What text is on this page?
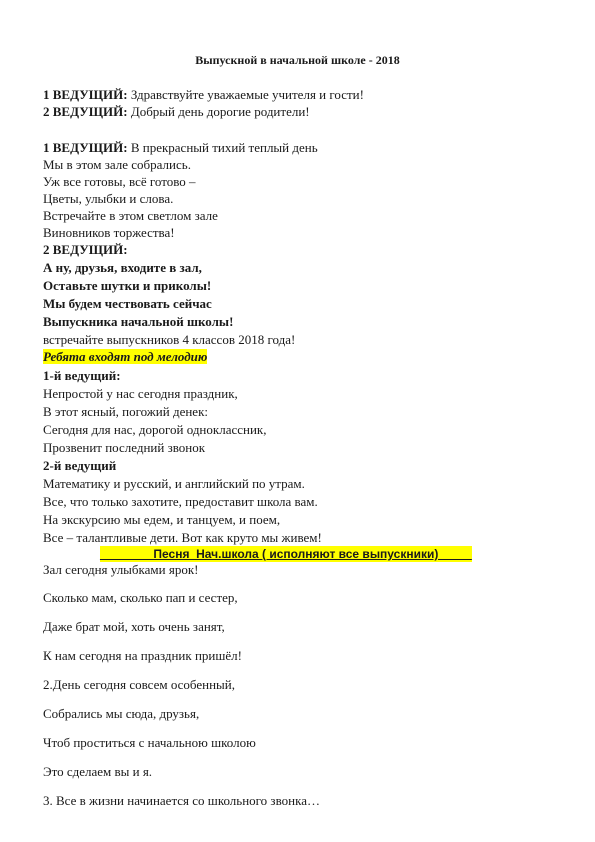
Выпускной в начальной школе - 2018
1 ВЕДУЩИЙ: Здравствуйте уважаемые учителя и гости!
2 ВЕДУЩИЙ: Добрый день дорогие родители!
1 ВЕДУЩИЙ: В прекрасный тихий теплый день
Мы в этом зале собрались.
Уж все готовы, всё готово –
Цветы, улыбки и слова.
Встречайте в этом светлом зале
Виновников торжества!
2 ВЕДУЩИЙ:
А ну, друзья, входите в зал,
Оставьте шутки и приколы!
Мы будем чествовать сейчас
Выпускника начальной школы!
встречайте выпускников 4 классов 2018 года!
Ребята входят под мелодию
1-й ведущий:
Непростой у нас сегодня праздник,
В этот ясный, погожий денек:
Сегодня для нас, дорогой одноклассник,
Прозвенит последний звонок
2-й ведущий
Математику и русский, и английский по утрам.
Все, что только захотите, предоставит школа вам.
На экскурсию мы едем, и танцуем, и поем,
Все – талантливые дети. Вот как круто мы живем!
________Песня_Нач.школа ( исполняют все выпускники)_____
Зал сегодня улыбками ярок!
Сколько мам, сколько пап и сестер,
Даже брат мой, хоть очень занят,
К нам сегодня на праздник пришёл!
2.День сегодня совсем особенный,
Собрались мы сюда, друзья,
Чтоб проститься с начальною школою
Это сделаем вы и я.
3. Все в жизни начинается со школьного звонка…
